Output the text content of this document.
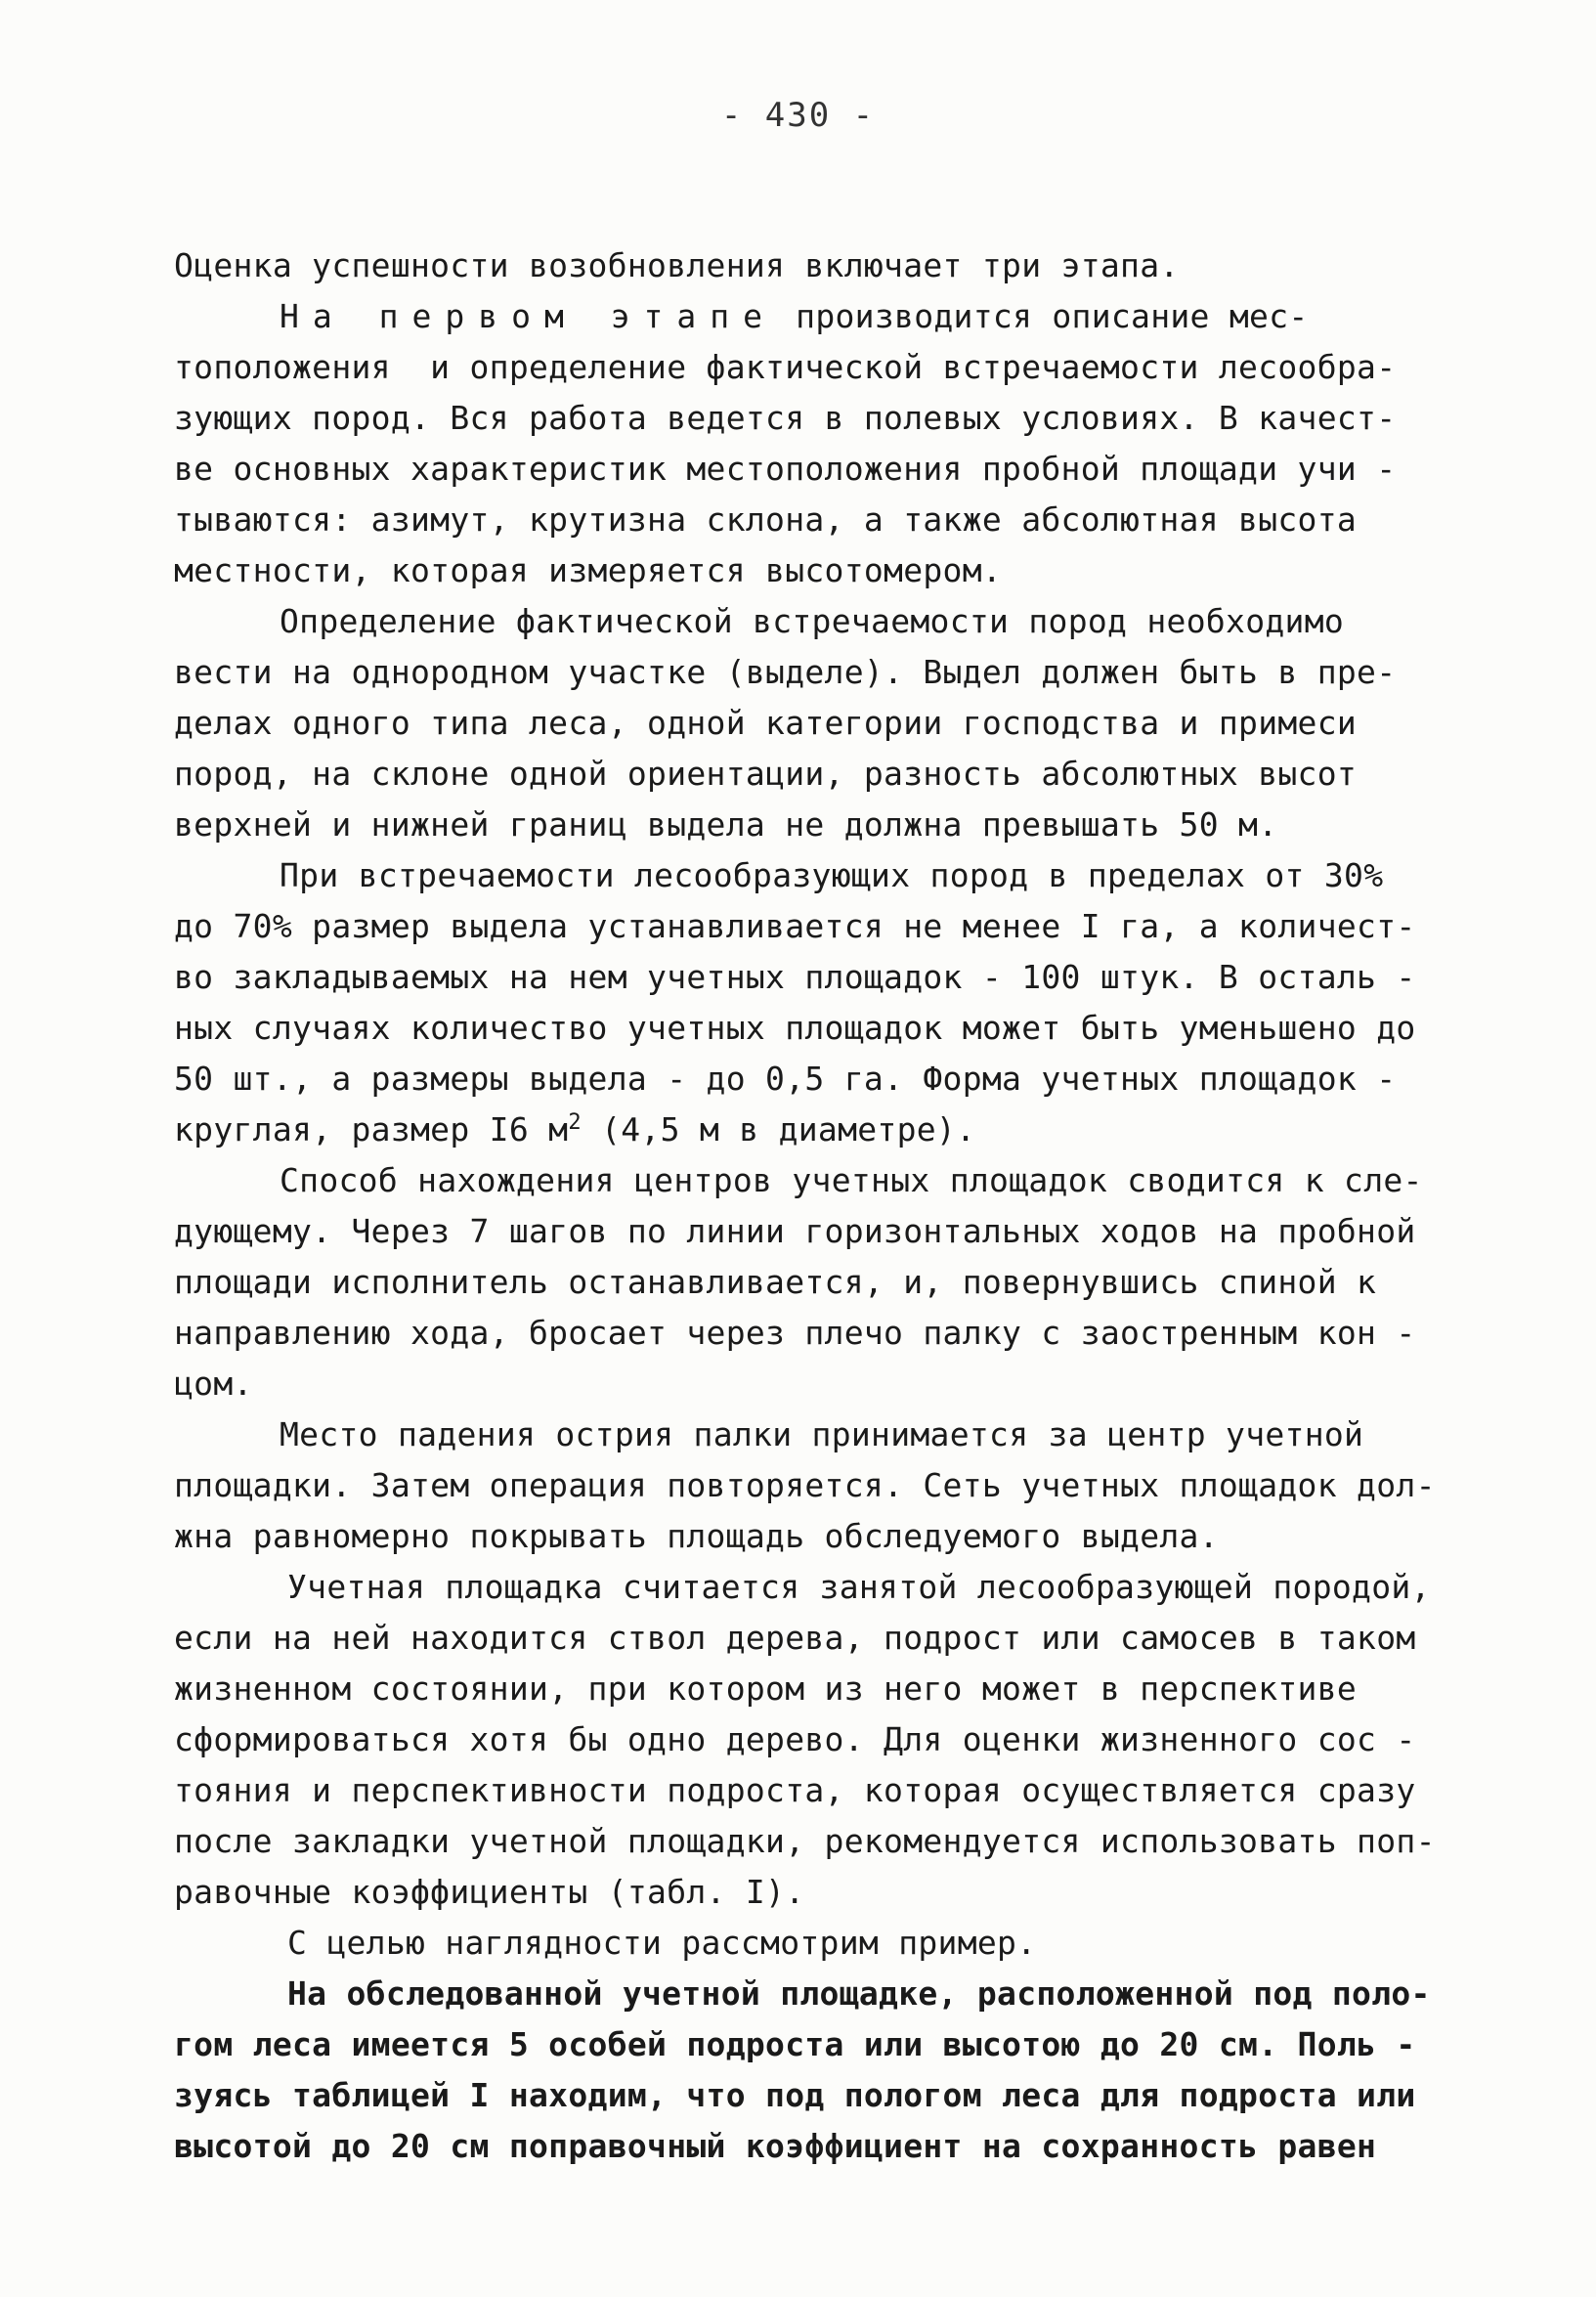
- 430 -
Оценка успешности возобновления включает три этапа.
На первом этапе производится описание мес-
тоположения  и определение фактической встречаемости лесообра-
зующих пород. Вся работа ведется в полевых условиях. В качест-
ве основных характеристик местоположения пробной площади учи -
тываются: азимут, крутизна склона, а также абсолютная высота
местности, которая измеряется высотомером.
Определение фактической встречаемости пород необходимо
вести на однородном участке (выделе). Выдел должен быть в пре-
делах одного типа леса, одной категории господства и примеси
пород, на склоне одной ориентации, разность абсолютных высот
верхней и нижней границ выдела не должна превышать 50 м.
При встречаемости лесообразующих пород в пределах от 30%
до 70% размер выдела устанавливается не менее I га, а количест-
во закладываемых на нем учетных площадок - 100 штук. В осталь -
ных случаях количество учетных площадок может быть уменьшено до
50 шт., а размеры выдела - до 0,5 га. Форма учетных площадок -
круглая, размер I6 $м^2$ (4,5 м в диаметре).
Способ нахождения центров учетных площадок сводится к сле-
дующему. Через 7 шагов по линии горизонтальных ходов на пробной
площади исполнитель останавливается, и, повернувшись спиной к
направлению хода, бросает через плечо палку с заостренным кон -
цом.
Место падения острия палки принимается за центр учетной
площадки. Затем операция повторяется. Сеть учетных площадок дол-
жна равномерно покрывать площадь обследуемого выдела.
Учетная площадка считается занятой лесообразующей породой,
если на ней находится ствол дерева, подрост или самосев в таком
жизненном состоянии, при котором из него может в перспективе
сформироваться хотя бы одно дерево. Для оценки жизненного сос -
тояния и перспективности подроста, которая осуществляется сразу
после закладки учетной площадки, рекомендуется использовать поп-
равочные коэффициенты (табл. I).
С целью наглядности рассмотрим пример.
На обследованной учетной площадке, расположенной под поло-
гом леса имеется 5 особей подроста или высотою до 20 см. Поль -
зуясь таблицей I находим, что под пологом леса для подроста или
высотой до 20 см поправочный коэффициент на сохранность равен
